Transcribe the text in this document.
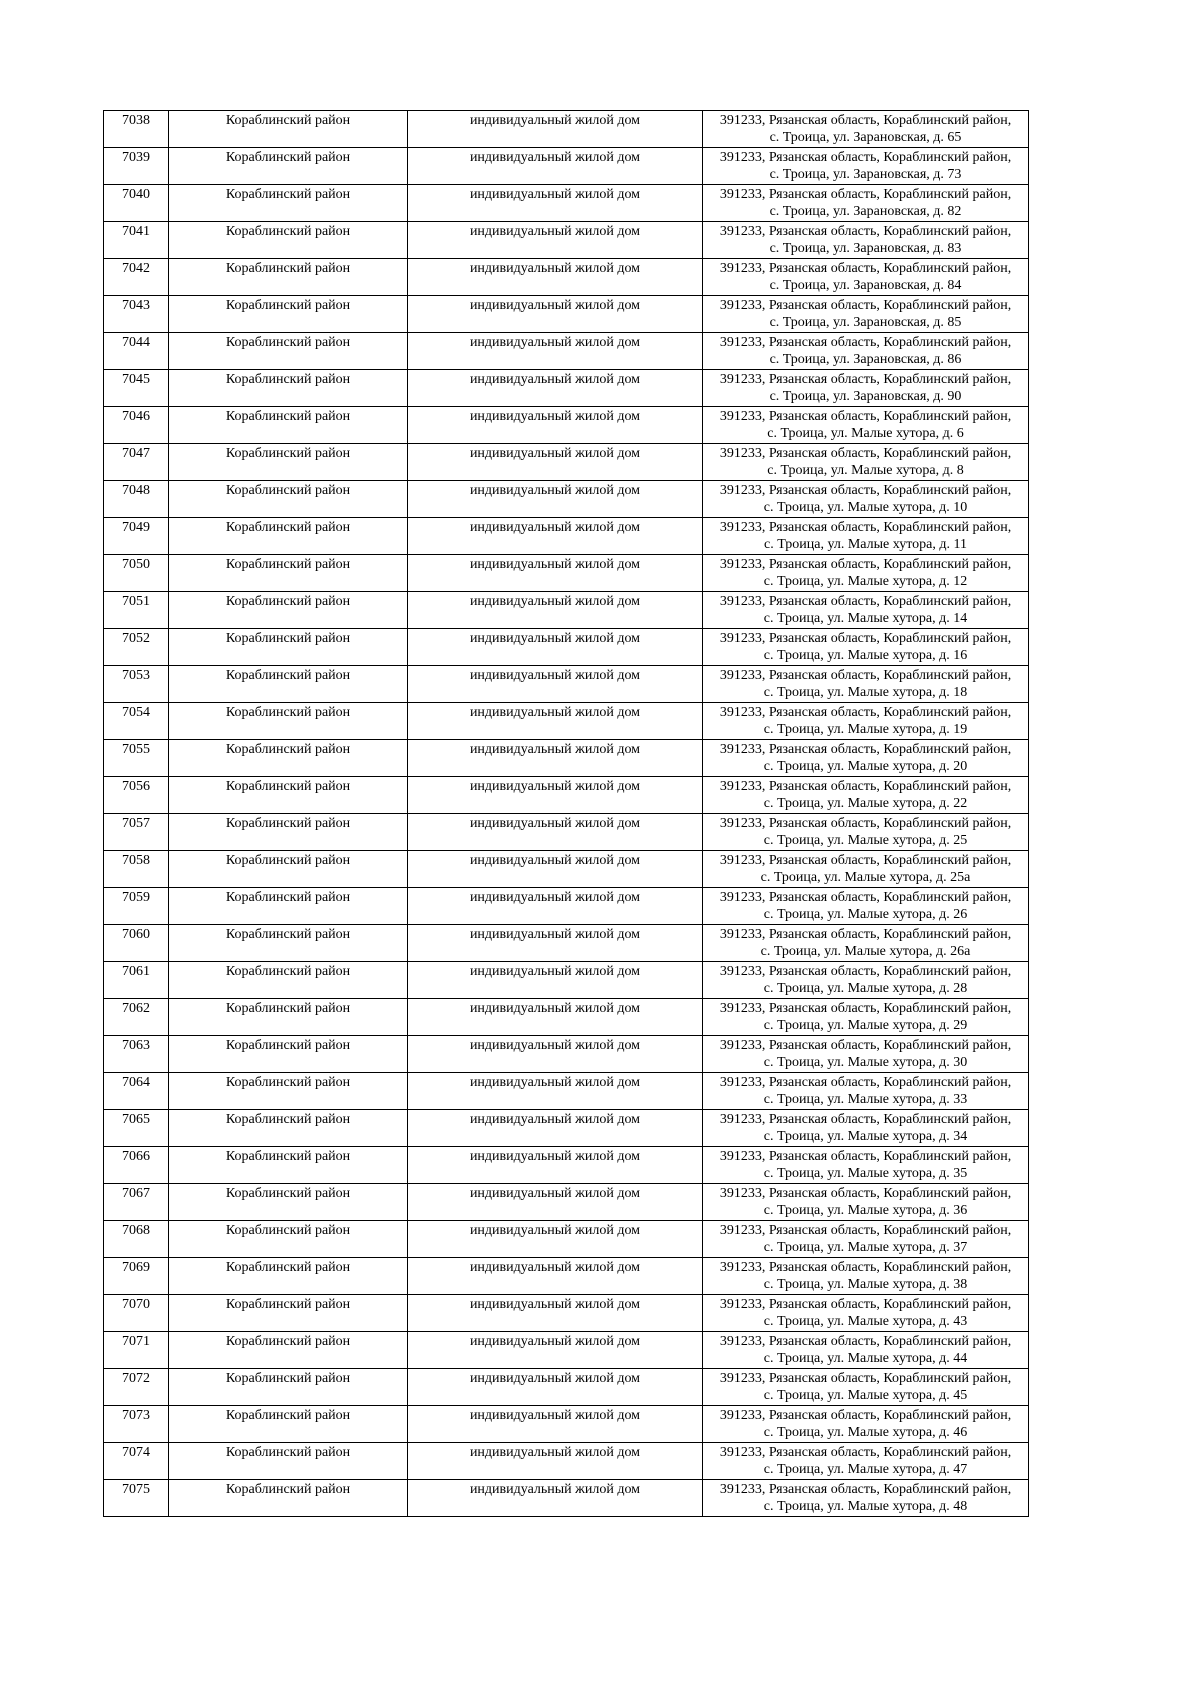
7038	Кораблинский район	индивидуальный жилой дом	391233, Рязанская область, Кораблинский район,
с. Троица, ул. Зарановская, д. 65

7039	Кораблинский район	индивидуальный жилой дом	391233, Рязанская область, Кораблинский район,
с. Троица, ул. Зарановская, д. 73

7040	Кораблинский район	индивидуальный жилой дом	391233, Рязанская область, Кораблинский район,
с. Троица, ул. Зарановская, д. 82

7041	Кораблинский район	индивидуальный жилой дом	391233, Рязанская область, Кораблинский район,
с. Троица, ул. Зарановская, д. 83

7042	Кораблинский район	индивидуальный жилой дом	391233, Рязанская область, Кораблинский район,
с. Троица, ул. Зарановская, д. 84

7043	Кораблинский район	индивидуальный жилой дом	391233, Рязанская область, Кораблинский район,
с. Троица, ул. Зарановская, д. 85

7044	Кораблинский район	индивидуальный жилой дом	391233, Рязанская область, Кораблинский район,
с. Троица, ул. Зарановская, д. 86

7045	Кораблинский район	индивидуальный жилой дом	391233, Рязанская область, Кораблинский район,
с. Троица, ул. Зарановская, д. 90

7046	Кораблинский район	индивидуальный жилой дом	391233, Рязанская область, Кораблинский район,
с. Троица, ул. Малые хутора, д. 6

7047	Кораблинский район	индивидуальный жилой дом	391233, Рязанская область, Кораблинский район,
с. Троица, ул. Малые хутора, д. 8

7048	Кораблинский район	индивидуальный жилой дом	391233, Рязанская область, Кораблинский район,
с. Троица, ул. Малые хутора, д. 10

7049	Кораблинский район	индивидуальный жилой дом	391233, Рязанская область, Кораблинский район,
с. Троица, ул. Малые хутора, д. 11

7050	Кораблинский район	индивидуальный жилой дом	391233, Рязанская область, Кораблинский район,
с. Троица, ул. Малые хутора, д. 12

7051	Кораблинский район	индивидуальный жилой дом	391233, Рязанская область, Кораблинский район,
с. Троица, ул. Малые хутора, д. 14

7052	Кораблинский район	индивидуальный жилой дом	391233, Рязанская область, Кораблинский район,
с. Троица, ул. Малые хутора, д. 16

7053	Кораблинский район	индивидуальный жилой дом	391233, Рязанская область, Кораблинский район,
с. Троица, ул. Малые хутора, д. 18

7054	Кораблинский район	индивидуальный жилой дом	391233, Рязанская область, Кораблинский район,
с. Троица, ул. Малые хутора, д. 19

7055	Кораблинский район	индивидуальный жилой дом	391233, Рязанская область, Кораблинский район,
с. Троица, ул. Малые хутора, д. 20

7056	Кораблинский район	индивидуальный жилой дом	391233, Рязанская область, Кораблинский район,
с. Троица, ул. Малые хутора, д. 22

7057	Кораблинский район	индивидуальный жилой дом	391233, Рязанская область, Кораблинский район,
с. Троица, ул. Малые хутора, д. 25

7058	Кораблинский район	индивидуальный жилой дом	391233, Рязанская область, Кораблинский район,
с. Троица, ул. Малые хутора, д. 25а

7059	Кораблинский район	индивидуальный жилой дом	391233, Рязанская область, Кораблинский район,
с. Троица, ул. Малые хутора, д. 26

7060	Кораблинский район	индивидуальный жилой дом	391233, Рязанская область, Кораблинский район,
с. Троица, ул. Малые хутора, д. 26а

7061	Кораблинский район	индивидуальный жилой дом	391233, Рязанская область, Кораблинский район,
с. Троица, ул. Малые хутора, д. 28

7062	Кораблинский район	индивидуальный жилой дом	391233, Рязанская область, Кораблинский район,
с. Троица, ул. Малые хутора, д. 29

7063	Кораблинский район	индивидуальный жилой дом	391233, Рязанская область, Кораблинский район,
с. Троица, ул. Малые хутора, д. 30

7064	Кораблинский район	индивидуальный жилой дом	391233, Рязанская область, Кораблинский район,
с. Троица, ул. Малые хутора, д. 33

7065	Кораблинский район	индивидуальный жилой дом	391233, Рязанская область, Кораблинский район,
с. Троица, ул. Малые хутора, д. 34

7066	Кораблинский район	индивидуальный жилой дом	391233, Рязанская область, Кораблинский район,
с. Троица, ул. Малые хутора, д. 35

7067	Кораблинский район	индивидуальный жилой дом	391233, Рязанская область, Кораблинский район,
с. Троица, ул. Малые хутора, д. 36

7068	Кораблинский район	индивидуальный жилой дом	391233, Рязанская область, Кораблинский район,
с. Троица, ул. Малые хутора, д. 37

7069	Кораблинский район	индивидуальный жилой дом	391233, Рязанская область, Кораблинский район,
с. Троица, ул. Малые хутора, д. 38

7070	Кораблинский район	индивидуальный жилой дом	391233, Рязанская область, Кораблинский район,
с. Троица, ул. Малые хутора, д. 43

7071	Кораблинский район	индивидуальный жилой дом	391233, Рязанская область, Кораблинский район,
с. Троица, ул. Малые хутора, д. 44

7072	Кораблинский район	индивидуальный жилой дом	391233, Рязанская область, Кораблинский район,
с. Троица, ул. Малые хутора, д. 45

7073	Кораблинский район	индивидуальный жилой дом	391233, Рязанская область, Кораблинский район,
с. Троица, ул. Малые хутора, д. 46

7074	Кораблинский район	индивидуальный жилой дом	391233, Рязанская область, Кораблинский район,
с. Троица, ул. Малые хутора, д. 47

7075	Кораблинский район	индивидуальный жилой дом	391233, Рязанская область, Кораблинский район,
с. Троица, ул. Малые хутора, д. 48
